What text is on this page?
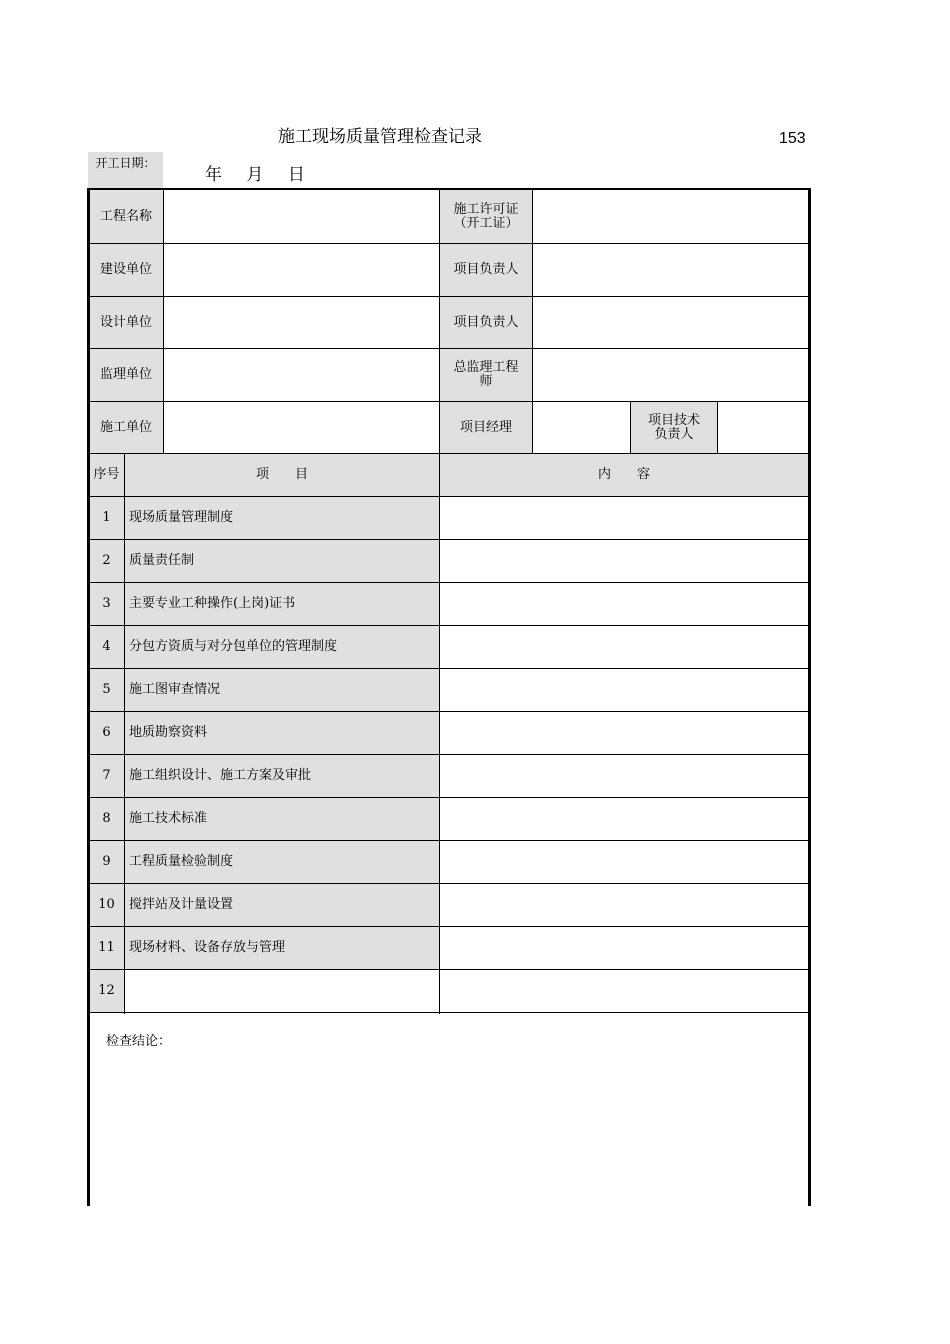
施工现场质量管理检查记录	153
开工日期：
年 月 日
工程名称	施工许可证（开工证）
建设单位	项目负责人
设计单位	项目负责人
监理单位	总监理工程师
施工单位	项目经理	项目技术负责人
序号	项　　目	内　　容
1	现场质量管理制度
2	质量责任制
3	主要专业工种操作(上岗)证书
4	分包方资质与对分包单位的管理制度
5	施工图审查情况
6	地质勘察资料
7	施工组织设计、施工方案及审批
8	施工技术标准
9	工程质量检验制度
10	搅拌站及计量设置
11	现场材料、设备存放与管理
12
检查结论：
